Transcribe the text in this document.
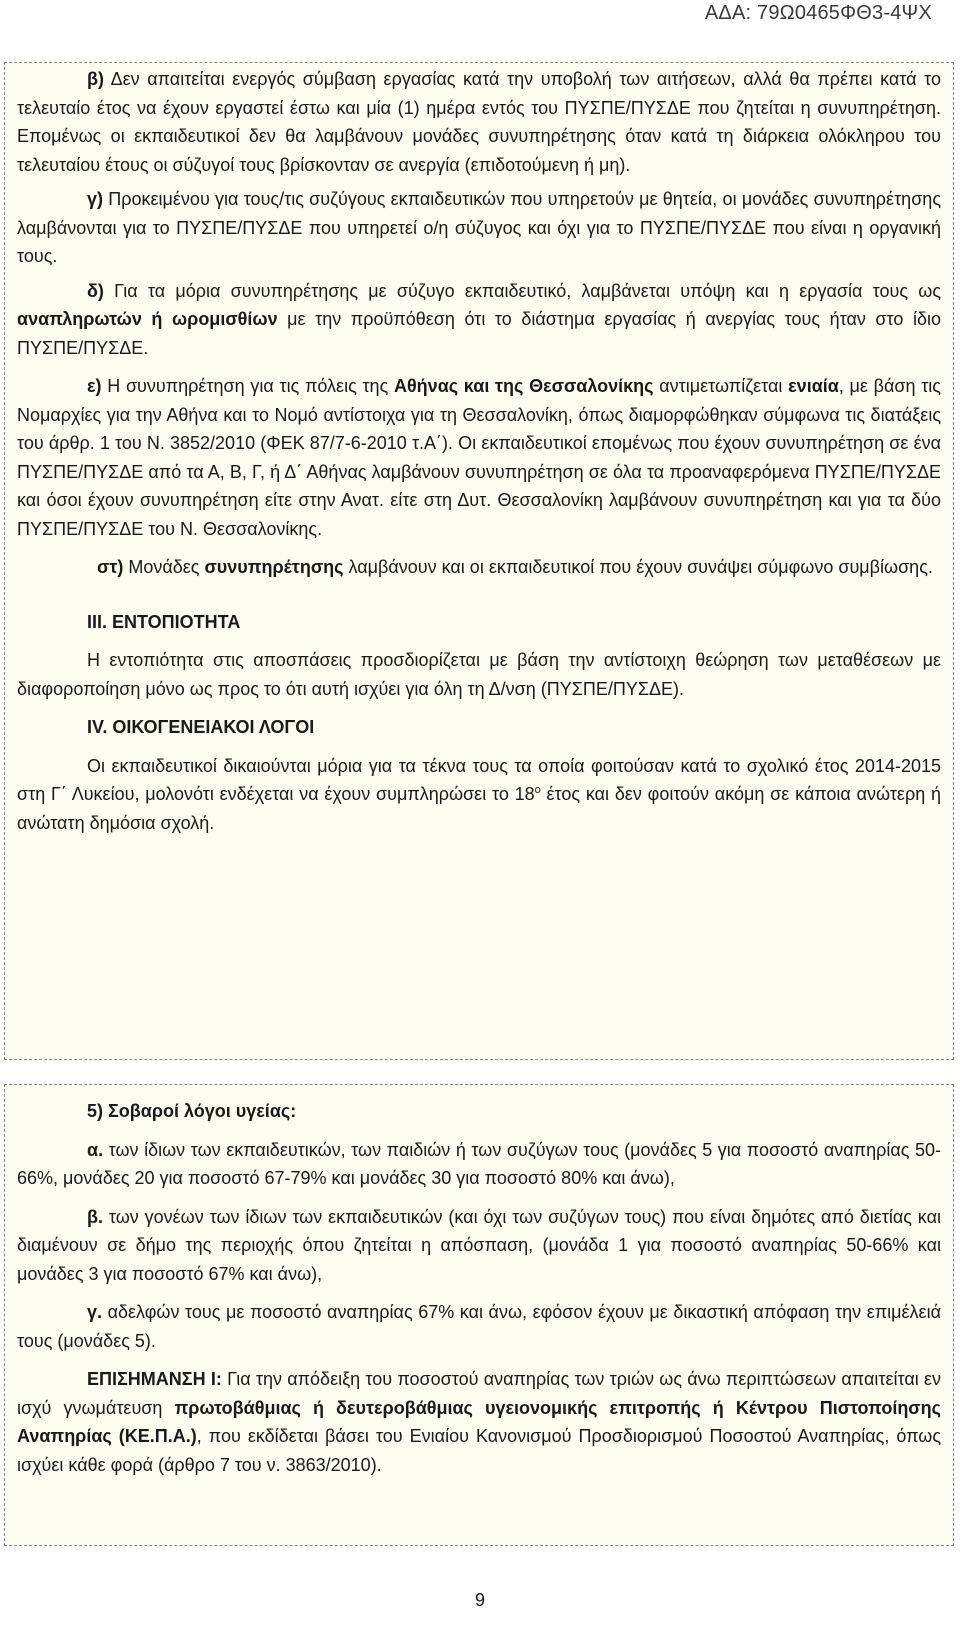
ΑΔΑ: 79Ω0465ΦΘ3-4ΨΧ

β) Δεν απαιτείται ενεργός σύμβαση εργασίας κατά την υποβολή των αιτήσεων, αλλά θα πρέπει κατά το τελευταίο έτος να έχουν εργαστεί έστω και μία (1) ημέρα εντός του ΠΥΣΠΕ/ΠΥΣΔΕ που ζητείται η συνυπηρέτηση. Επομένως οι εκπαιδευτικοί δεν θα λαμβάνουν μονάδες συνυπηρέτησης όταν κατά τη διάρκεια ολόκληρου του τελευταίου έτους οι σύζυγοί τους βρίσκονταν σε ανεργία (επιδοτούμενη ή μη).

γ) Προκειμένου για τους/τις συζύγους εκπαιδευτικών που υπηρετούν με θητεία, οι μονάδες συνυπηρέτησης λαμβάνονται για το ΠΥΣΠΕ/ΠΥΣΔΕ που υπηρετεί ο/η σύζυγος και όχι για το ΠΥΣΠΕ/ΠΥΣΔΕ που είναι η οργανική τους.

δ) Για τα μόρια συνυπηρέτησης με σύζυγο εκπαιδευτικό, λαμβάνεται υπόψη και η εργασία τους ως αναπληρωτών ή ωρομισθίων με την προϋπόθεση ότι το διάστημα εργασίας ή ανεργίας τους ήταν στο ίδιο ΠΥΣΠΕ/ΠΥΣΔΕ.

ε) Η συνυπηρέτηση για τις πόλεις της Αθήνας και της Θεσσαλονίκης αντιμετωπίζεται ενιαία, με βάση τις Νομαρχίες για την Αθήνα και το Νομό αντίστοιχα για τη Θεσσαλονίκη, όπως διαμορφώθηκαν σύμφωνα τις διατάξεις του άρθρ. 1 του Ν. 3852/2010 (ΦΕΚ 87/7-6-2010 τ.Α΄). Οι εκπαιδευτικοί επομένως που έχουν συνυπηρέτηση σε ένα ΠΥΣΠΕ/ΠΥΣΔΕ από τα Α, Β, Γ, ή Δ΄ Αθήνας λαμβάνουν συνυπηρέτηση σε όλα τα προαναφερόμενα ΠΥΣΠΕ/ΠΥΣΔΕ και όσοι έχουν συνυπηρέτηση είτε στην Ανατ. είτε στη Δυτ. Θεσσαλονίκη λαμβάνουν συνυπηρέτηση και για τα δύο ΠΥΣΠΕ/ΠΥΣΔΕ του Ν. Θεσσαλονίκης.

στ) Μονάδες συνυπηρέτησης λαμβάνουν και οι εκπαιδευτικοί που έχουν συνάψει σύμφωνο συμβίωσης.

III. ΕΝΤΟΠΙΟΤΗΤΑ

Η εντοπιότητα στις αποσπάσεις προσδιορίζεται με βάση την αντίστοιχη θεώρηση των μεταθέσεων με διαφοροποίηση μόνο ως προς το ότι αυτή ισχύει για όλη τη Δ/νση (ΠΥΣΠΕ/ΠΥΣΔΕ).

IV. ΟΙΚΟΓΕΝΕΙΑΚΟΙ ΛΟΓΟΙ

Οι εκπαιδευτικοί δικαιούνται μόρια για τα τέκνα τους τα οποία φοιτούσαν κατά το σχολικό έτος 2014-2015 στη Γ΄ Λυκείου, μολονότι ενδέχεται να έχουν συμπληρώσει το $18^o$ έτος και δεν φοιτούν ακόμη σε κάποια ανώτερη ή ανώτατη δημόσια σχολή.

5) Σοβαροί λόγοι υγείας:

α. των ίδιων των εκπαιδευτικών, των παιδιών ή των συζύγων τους (μονάδες 5 για ποσοστό αναπηρίας 50-66%, μονάδες 20 για ποσοστό 67-79% και μονάδες 30 για ποσοστό 80% και άνω),

β. των γονέων των ίδιων των εκπαιδευτικών (και όχι των συζύγων τους) που είναι δημότες από διετίας και διαμένουν σε δήμο της περιοχής όπου ζητείται η απόσπαση, (μονάδα 1 για ποσοστό αναπηρίας 50-66% και μονάδες 3 για ποσοστό 67% και άνω),

γ. αδελφών τους με ποσοστό αναπηρίας 67% και άνω, εφόσον έχουν με δικαστική απόφαση την επιμέλειά τους (μονάδες 5).

ΕΠΙΣΗΜΑΝΣΗ Ι: Για την απόδειξη του ποσοστού αναπηρίας των τριών ως άνω περιπτώσεων απαιτείται εν ισχύ γνωμάτευση πρωτοβάθμιας ή δευτεροβάθμιας υγειονομικής επιτροπής ή Κέντρου Πιστοποίησης Αναπηρίας (ΚΕ.Π.Α.), που εκδίδεται βάσει του Ενιαίου Κανονισμού Προσδιορισμού Ποσοστού Αναπηρίας, όπως ισχύει κάθε φορά (άρθρο 7 του ν. 3863/2010).

9
